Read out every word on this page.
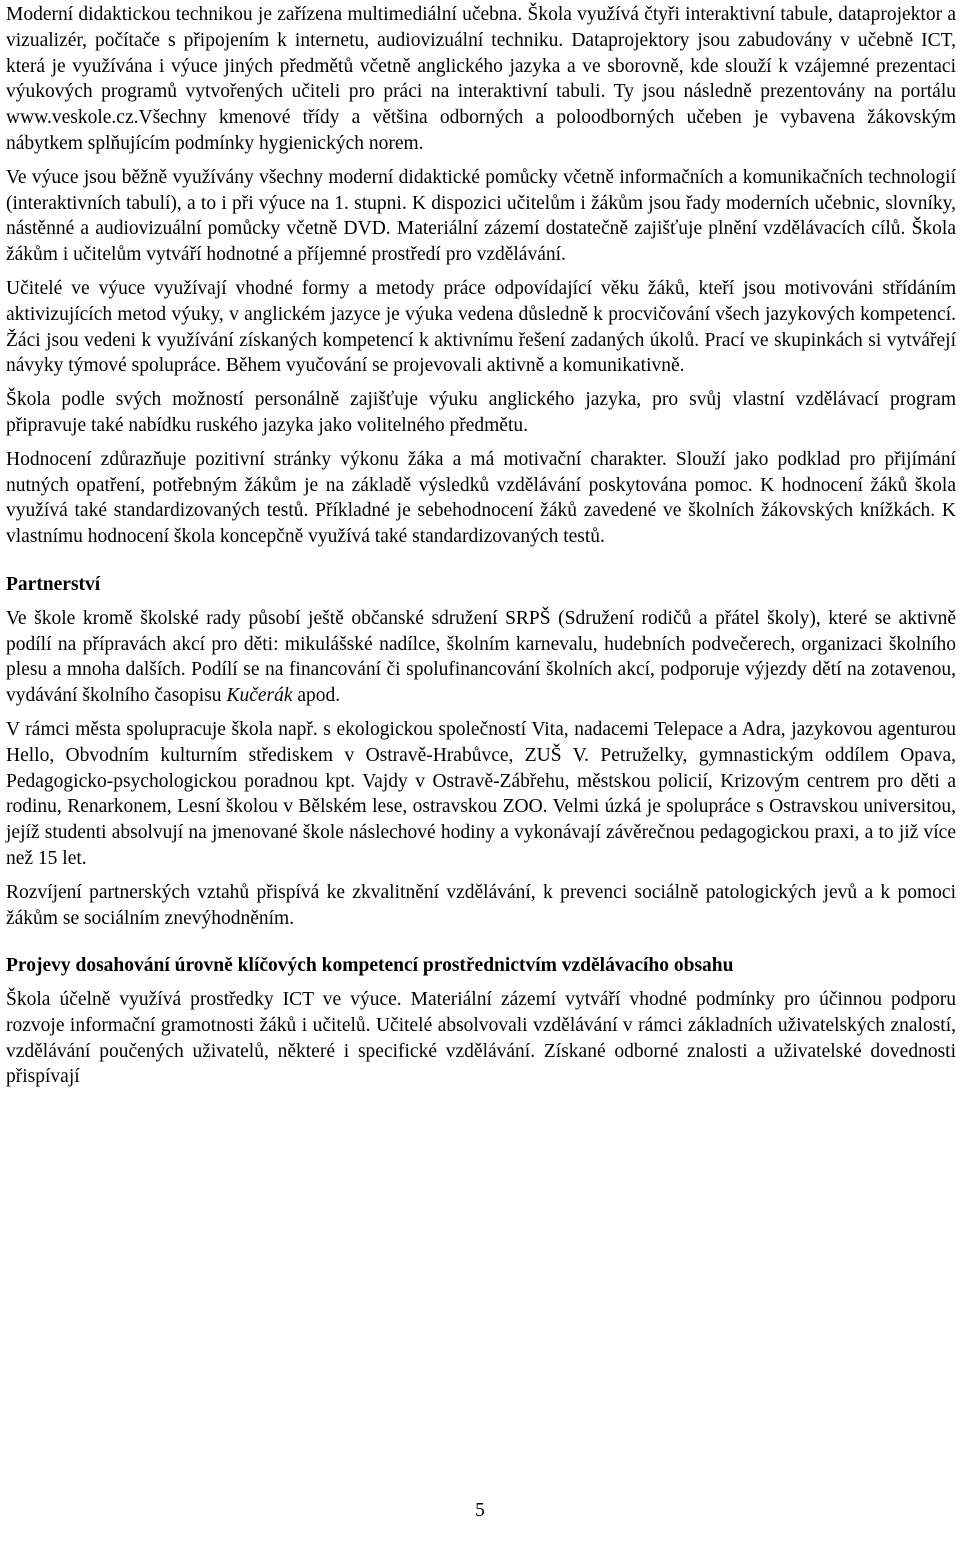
Moderní didaktickou technikou je zařízena multimediální učebna. Škola využívá čtyři interaktivní tabule, dataprojektor a vizualizér, počítače s připojením k internetu, audiovizuální techniku. Dataprojektory jsou zabudovány v učebně ICT, která je využívána i výuce jiných předmětů včetně anglického jazyka a ve sborovně, kde slouží k vzájemné prezentaci výukových programů vytvořených učiteli pro práci na interaktivní tabuli. Ty jsou následně prezentovány na portálu www.veskole.cz.Všechny kmenové třídy a většina odborných a poloodborných učeben je vybavena žákovským nábytkem splňujícím podmínky hygienických norem.

Ve výuce jsou běžně využívány všechny moderní didaktické pomůcky včetně informačních a komunikačních technologií (interaktivních tabulí), a to i při výuce na 1. stupni. K dispozici učitelům i žákům jsou řady moderních učebnic, slovníky, nástěnné a audiovizuální pomůcky včetně DVD. Materiální zázemí dostatečně zajišťuje plnění vzdělávacích cílů. Škola žákům i učitelům vytváří hodnotné a příjemné prostředí pro vzdělávání.

Učitelé ve výuce využívají vhodné formy a metody práce odpovídající věku žáků, kteří jsou motivováni střídáním aktivizujících metod výuky, v anglickém jazyce je výuka vedena důsledně k procvičování všech jazykových kompetencí. Žáci jsou vedeni k využívání získaných kompetencí k aktivnímu řešení zadaných úkolů. Prací ve skupinkách si vytvářejí návyky týmové spolupráce. Během vyučování se projevovali aktivně a komunikativně.

Škola podle svých možností personálně zajišťuje výuku anglického jazyka, pro svůj vlastní vzdělávací program připravuje také nabídku ruského jazyka jako volitelného předmětu.

Hodnocení zdůrazňuje pozitivní stránky výkonu žáka a má motivační charakter. Slouží jako podklad pro přijímání nutných opatření, potřebným žákům je na základě výsledků vzdělávání poskytována pomoc. K hodnocení žáků škola využívá také standardizovaných testů. Příkladné je sebehodnocení žáků zavedené ve školních žákovských knížkách. K vlastnímu hodnocení škola koncepčně využívá také standardizovaných testů.

Partnerství

Ve škole kromě školské rady působí ještě občanské sdružení SRPŠ (Sdružení rodičů a přátel školy), které se aktivně podílí na přípravách akcí pro děti: mikulášské nadílce, školním karnevalu, hudebních podvečerech, organizaci školního plesu a mnoha dalších. Podílí se na financování či spolufinancování školních akcí, podporuje výjezdy dětí na zotavenou, vydávání školního časopisu Kučerák apod.

V rámci města spolupracuje škola např. s ekologickou společností Vita, nadacemi Telepace a Adra, jazykovou agenturou Hello, Obvodním kulturním střediskem v Ostravě-Hrabůvce, ZUŠ V. Petruželky, gymnastickým oddílem Opava, Pedagogicko-psychologickou poradnou kpt. Vajdy v Ostravě-Zábřehu, městskou policií, Krizovým centrem pro děti a rodinu, Renarkonem, Lesní školou v Bělském lese, ostravskou ZOO. Velmi úzká je spolupráce s Ostravskou universitou, jejíž studenti absolvují na jmenované škole náslechové hodiny a vykonávají závěrečnou pedagogickou praxi, a to již více než 15 let.

Rozvíjení partnerských vztahů přispívá ke zkvalitnění vzdělávání, k prevenci sociálně patologických jevů a k pomoci žákům se sociálním znevýhodněním.

Projevy dosahování úrovně klíčových kompetencí prostřednictvím vzdělávacího obsahu

Škola účelně využívá prostředky ICT ve výuce. Materiální zázemí vytváří vhodné podmínky pro účinnou podporu rozvoje informační gramotnosti žáků i učitelů. Učitelé absolvovali vzdělávání v rámci základních uživatelských znalostí, vzdělávání poučených uživatelů, některé i specifické vzdělávání. Získané odborné znalosti a uživatelské dovednosti přispívají

5
